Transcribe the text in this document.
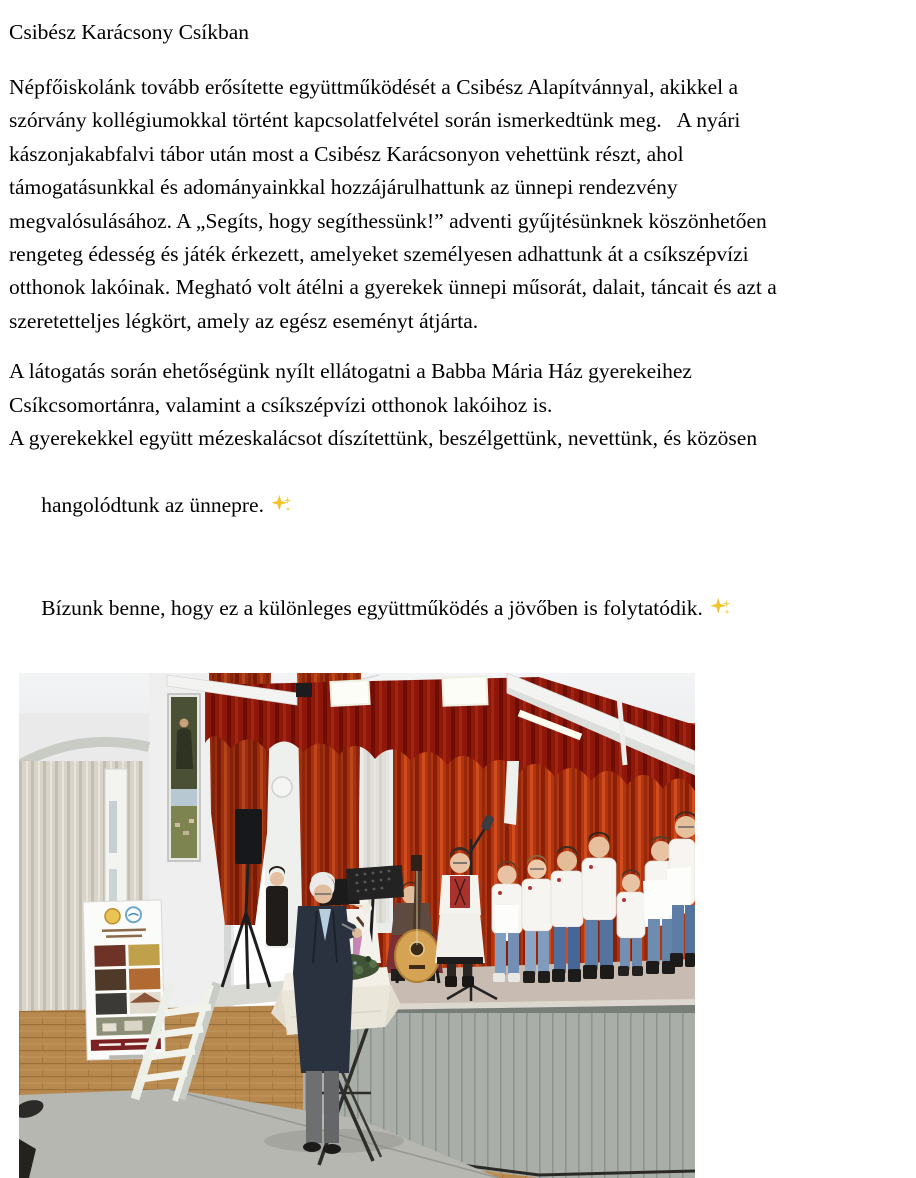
Csibész Karácsony Csíkban
Népfőiskolánk tovább erősítette együttműködését a Csibész Alapítvánnyal, akikkel a
szórvány kollégiumokkal történt kapcsolatfelvétel során ismerkedtünk meg.   A nyári
kászonjakabfalvi tábor után most a Csibész Karácsonyon vehettünk részt, ahol
támogatásunkkal és adományainkkal hozzájárulhattunk az ünnepi rendezvény
megvalósulásához. A „Segíts, hogy segíthessünk!” adventi gyűjtésünknek köszönhetően
rengeteg édesség és játék érkezett, amelyeket személyesen adhattunk át a csíkszépvízi
otthonok lakóinak. Megható volt átélni a gyerekek ünnepi műsorát, dalait, táncait és azt a
szeretetteljes légkört, amely az egész eseményt átjárta.
A látogatás során ehetőségünk nyílt ellátogatni a Babba Mária Ház gyerekeihez
Csíkcsomortánra, valamint a csíkszépvízi otthonok lakóihoz is.
A gyerekekkel együtt mézeskalácsot díszítettünk, beszélgettünk, nevettünk, és közösen

hangolódtunk az ünnepre.

Bízunk benne, hogy ez a különleges együttműködés a jövőben is folytatódik.
